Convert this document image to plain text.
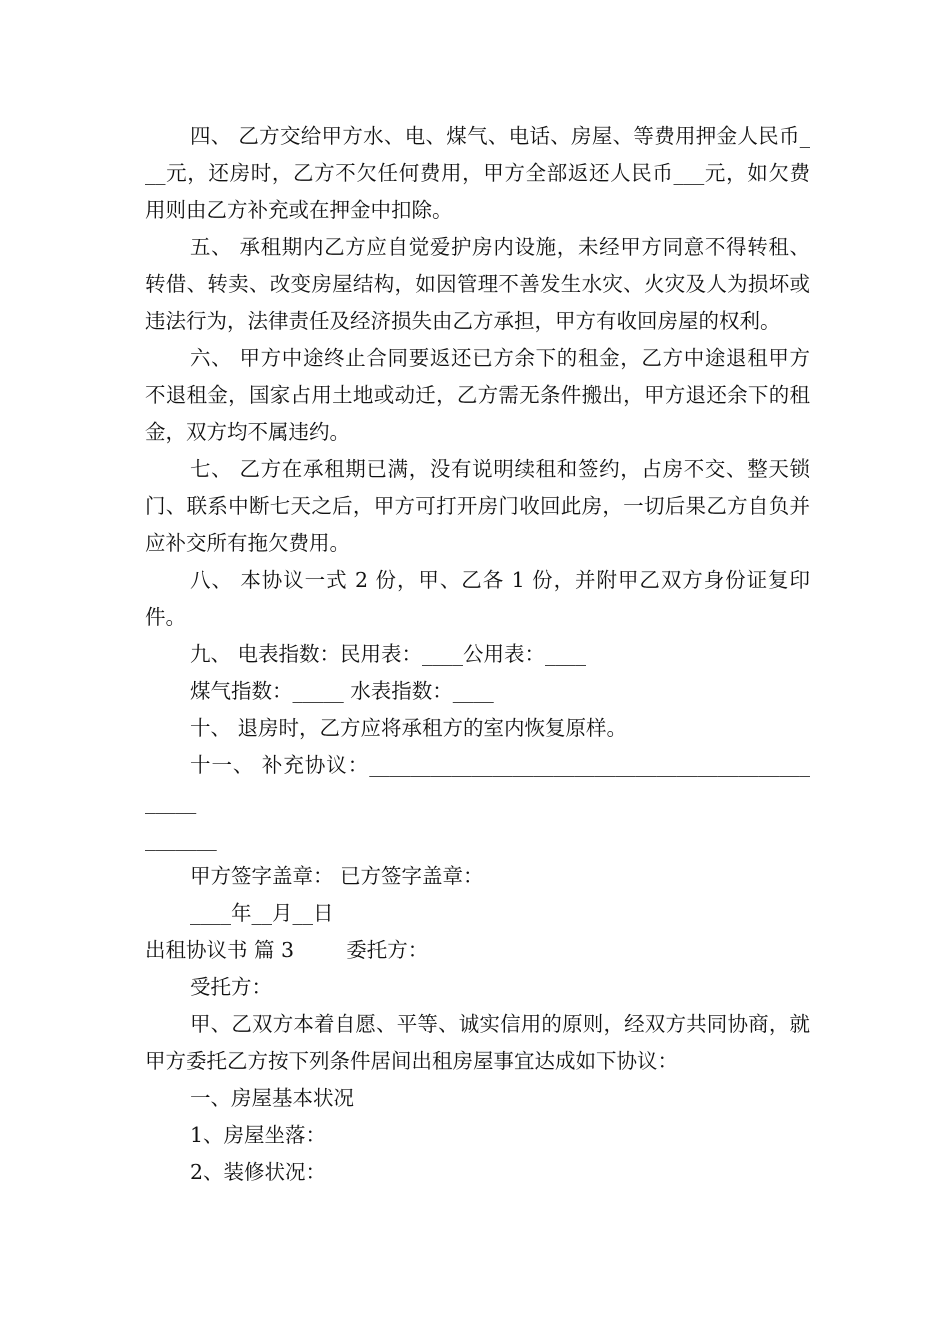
四、 乙方交给甲方水、电、煤气、电话、房屋、等费用押金人民币___元，还房时，乙方不欠任何费用，甲方全部返还人民币___元，如欠费用则由乙方补充或在押金中扣除。

五、 承租期内乙方应自觉爱护房内设施，未经甲方同意不得转租、转借、转卖、改变房屋结构，如因管理不善发生水灾、火灾及人为损坏或违法行为，法律责任及经济损失由乙方承担，甲方有收回房屋的权利。

六、 甲方中途终止合同要返还已方余下的租金，乙方中途退租甲方不退租金，国家占用土地或动迁，乙方需无条件搬出，甲方退还余下的租金，双方均不属违约。

七、 乙方在承租期已满，没有说明续租和签约，占房不交、整天锁门、联系中断七天之后，甲方可打开房门收回此房，一切后果乙方自负并应补交所有拖欠费用。

八、 本协议一式 2 份，甲、乙各 1 份，并附甲乙双方身份证复印件。

九、 电表指数：民用表：____公用表：____

煤气指数：_____ 水表指数：____

十、 退房时，乙方应将承租方的室内恢复原样。

十一、 补充协议：________________________________________________

_______

甲方签字盖章： 已方签字盖章：

____年__月__日

出租协议书 篇 3	委托方：

受托方：

甲、乙双方本着自愿、平等、诚实信用的原则，经双方共同协商，就甲方委托乙方按下列条件居间出租房屋事宜达成如下协议：

一、房屋基本状况

1、房屋坐落：

2、装修状况：
